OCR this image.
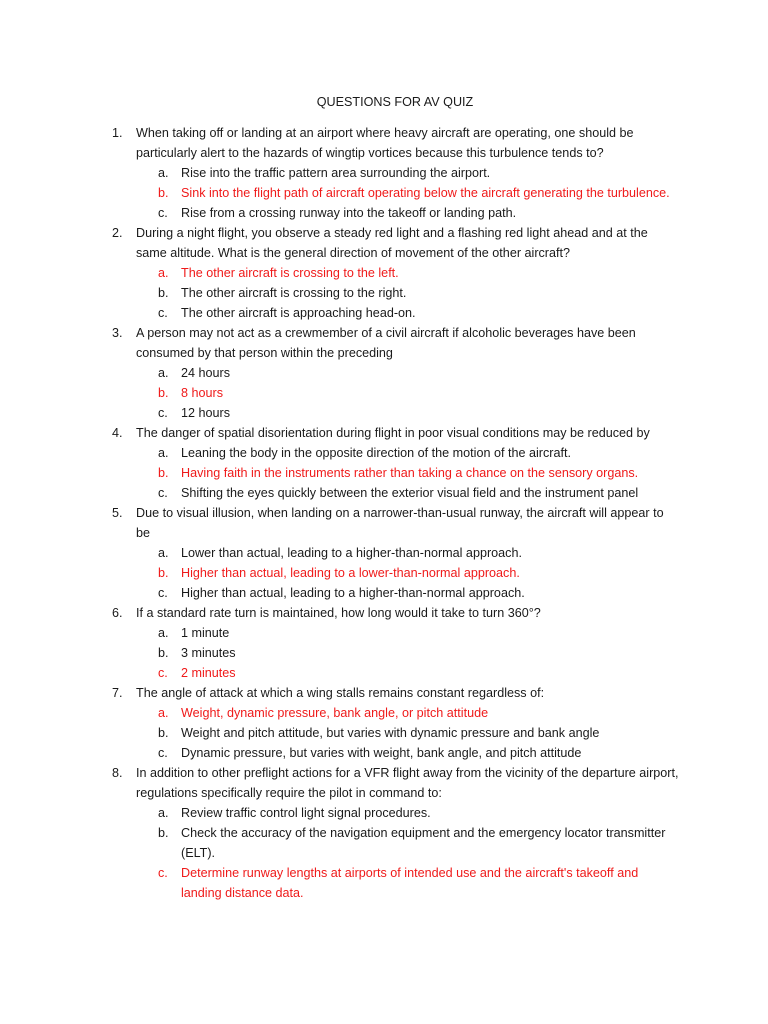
QUESTIONS FOR AV QUIZ
1. When taking off or landing at an airport where heavy aircraft are operating, one should be particularly alert to the hazards of wingtip vortices because this turbulence tends to?
a. Rise into the traffic pattern area surrounding the airport.
b. Sink into the flight path of aircraft operating below the aircraft generating the turbulence.
c. Rise from a crossing runway into the takeoff or landing path.
2. During a night flight, you observe a steady red light and a flashing red light ahead and at the same altitude. What is the general direction of movement of the other aircraft?
a. The other aircraft is crossing to the left.
b. The other aircraft is crossing to the right.
c. The other aircraft is approaching head-on.
3. A person may not act as a crewmember of a civil aircraft if alcoholic beverages have been consumed by that person within the preceding
a. 24 hours
b. 8 hours
c. 12 hours
4. The danger of spatial disorientation during flight in poor visual conditions may be reduced by
a. Leaning the body in the opposite direction of the motion of the aircraft.
b. Having faith in the instruments rather than taking a chance on the sensory organs.
c. Shifting the eyes quickly between the exterior visual field and the instrument panel
5. Due to visual illusion, when landing on a narrower-than-usual runway, the aircraft will appear to be
a. Lower than actual, leading to a higher-than-normal approach.
b. Higher than actual, leading to a lower-than-normal approach.
c. Higher than actual, leading to a higher-than-normal approach.
6. If a standard rate turn is maintained, how long would it take to turn 360°?
a. 1 minute
b. 3 minutes
c. 2 minutes
7. The angle of attack at which a wing stalls remains constant regardless of:
a. Weight, dynamic pressure, bank angle, or pitch attitude
b. Weight and pitch attitude, but varies with dynamic pressure and bank angle
c. Dynamic pressure, but varies with weight, bank angle, and pitch attitude
8. In addition to other preflight actions for a VFR flight away from the vicinity of the departure airport, regulations specifically require the pilot in command to:
a. Review traffic control light signal procedures.
b. Check the accuracy of the navigation equipment and the emergency locator transmitter (ELT).
c. Determine runway lengths at airports of intended use and the aircraft's takeoff and landing distance data.
